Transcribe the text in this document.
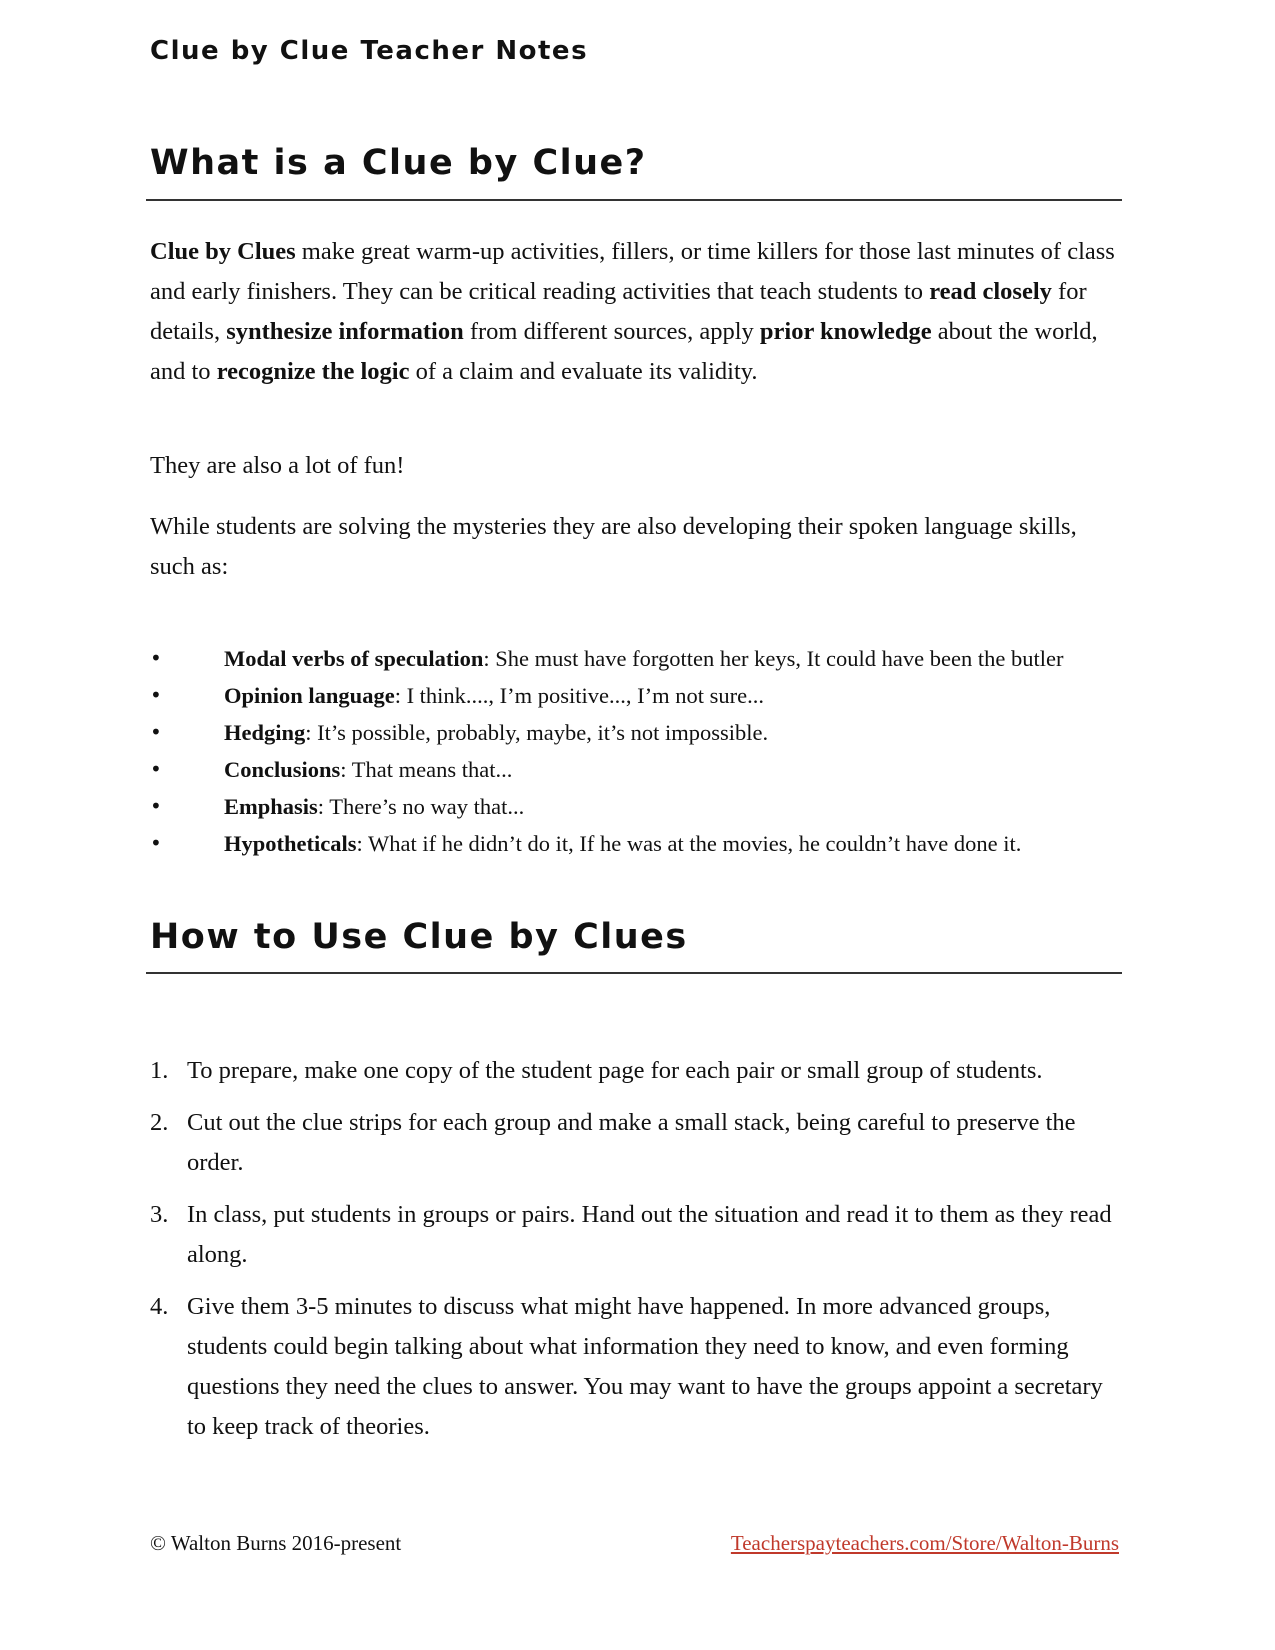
Clue by Clue Teacher Notes
What is a Clue by Clue?

Clue by Clues make great warm-up activities, fillers, or time killers for those last minutes of class and early finishers. They can be critical reading activities that teach students to read closely for details, synthesize information from different sources, apply prior knowledge about the world, and to recognize the logic of a claim and evaluate its validity.

They are also a lot of fun!

While students are solving the mysteries they are also developing their spoken language skills, such as:

•	Modal verbs of speculation: She must have forgotten her keys, It could have been the butler
•	Opinion language: I think...., I’m positive..., I’m not sure...
•	Hedging: It’s possible, probably, maybe, it’s not impossible.
•	Conclusions: That means that...
•	Emphasis: There’s no way that...
•	Hypotheticals: What if he didn’t do it, If he was at the movies, he couldn’t have done it.
How to Use Clue by Clues
1. To prepare, make one copy of the student page for each pair or small group of students.
2. Cut out the clue strips for each group and make a small stack, being careful to preserve the order.
3. In class, put students in groups or pairs. Hand out the situation and read it to them as they read along.
4. Give them 3-5 minutes to discuss what might have happened. In more advanced groups, students could begin talking about what information they need to know, and even forming questions they need the clues to answer. You may want to have the groups appoint a secretary to keep track of theories.
© Walton Burns 2016-present	Teacherspayteachers.com/Store/Walton-Burns
